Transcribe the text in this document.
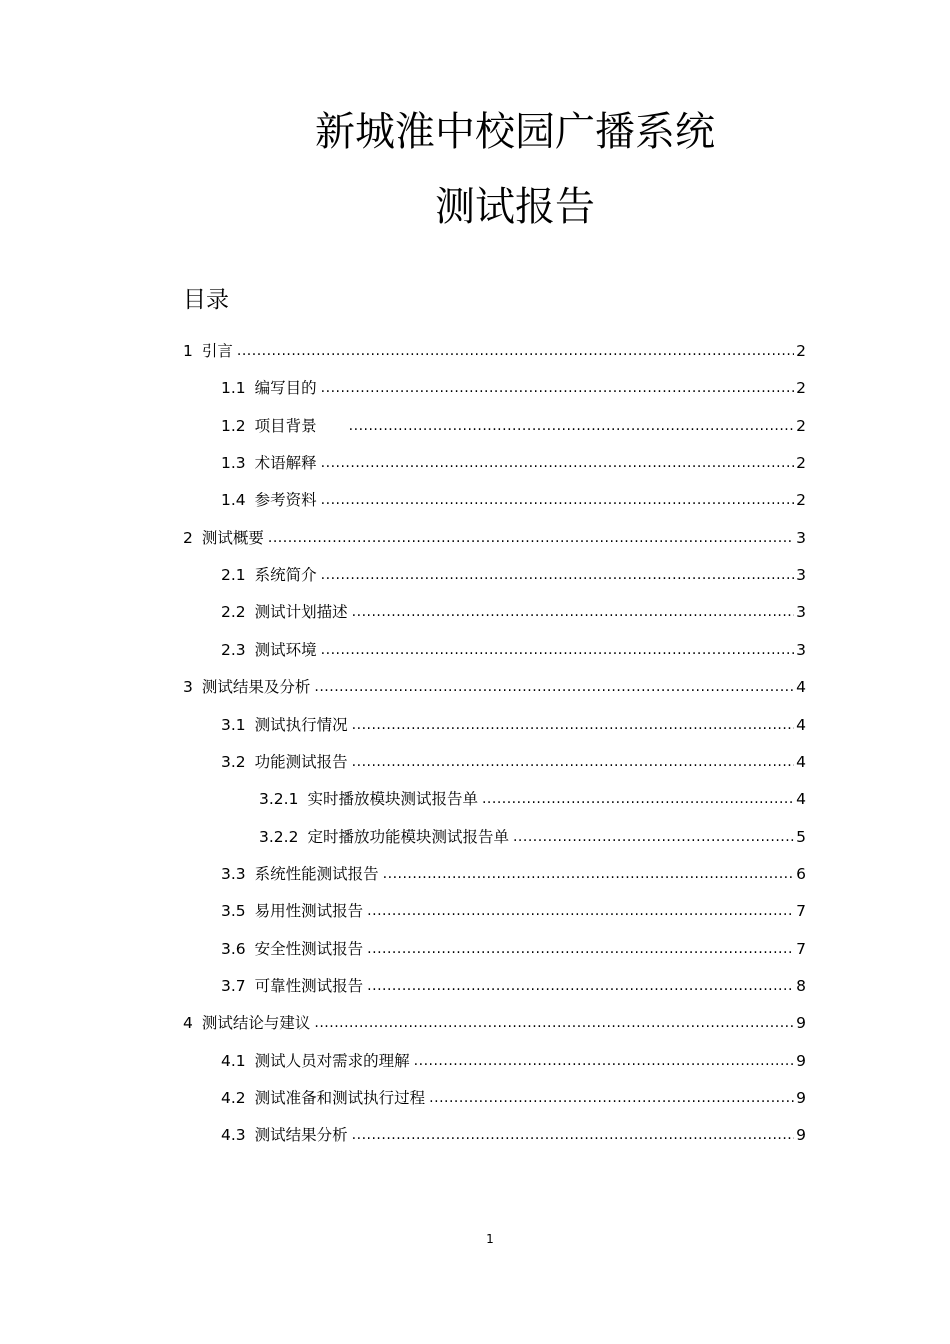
新城淮中校园广播系统
测试报告
目录
1 引言 .....	2
1.1 编写目的 .....	2
1.2 项目背景 .....	2
1.3 术语解释 .....	2
1.4 参考资料 .....	2
2 测试概要 .....	3
2.1 系统简介 .....	3
2.2 测试计划描述 .....	3
2.3 测试环境 .....	3
3 测试结果及分析 .....	4
3.1 测试执行情况 .....	4
3.2 功能测试报告 .....	4
3.2.1 实时播放模块测试报告单 .....	4
3.2.2 定时播放功能模块测试报告单 .....	5
3.3 系统性能测试报告 .....	6
3.5 易用性测试报告 .....	7
3.6 安全性测试报告 .....	7
3.7 可靠性测试报告 .....	8
4 测试结论与建议 .....	9
4.1 测试人员对需求的理解 .....	9
4.2 测试准备和测试执行过程 .....	9
4.3 测试结果分析 .....	9
1
